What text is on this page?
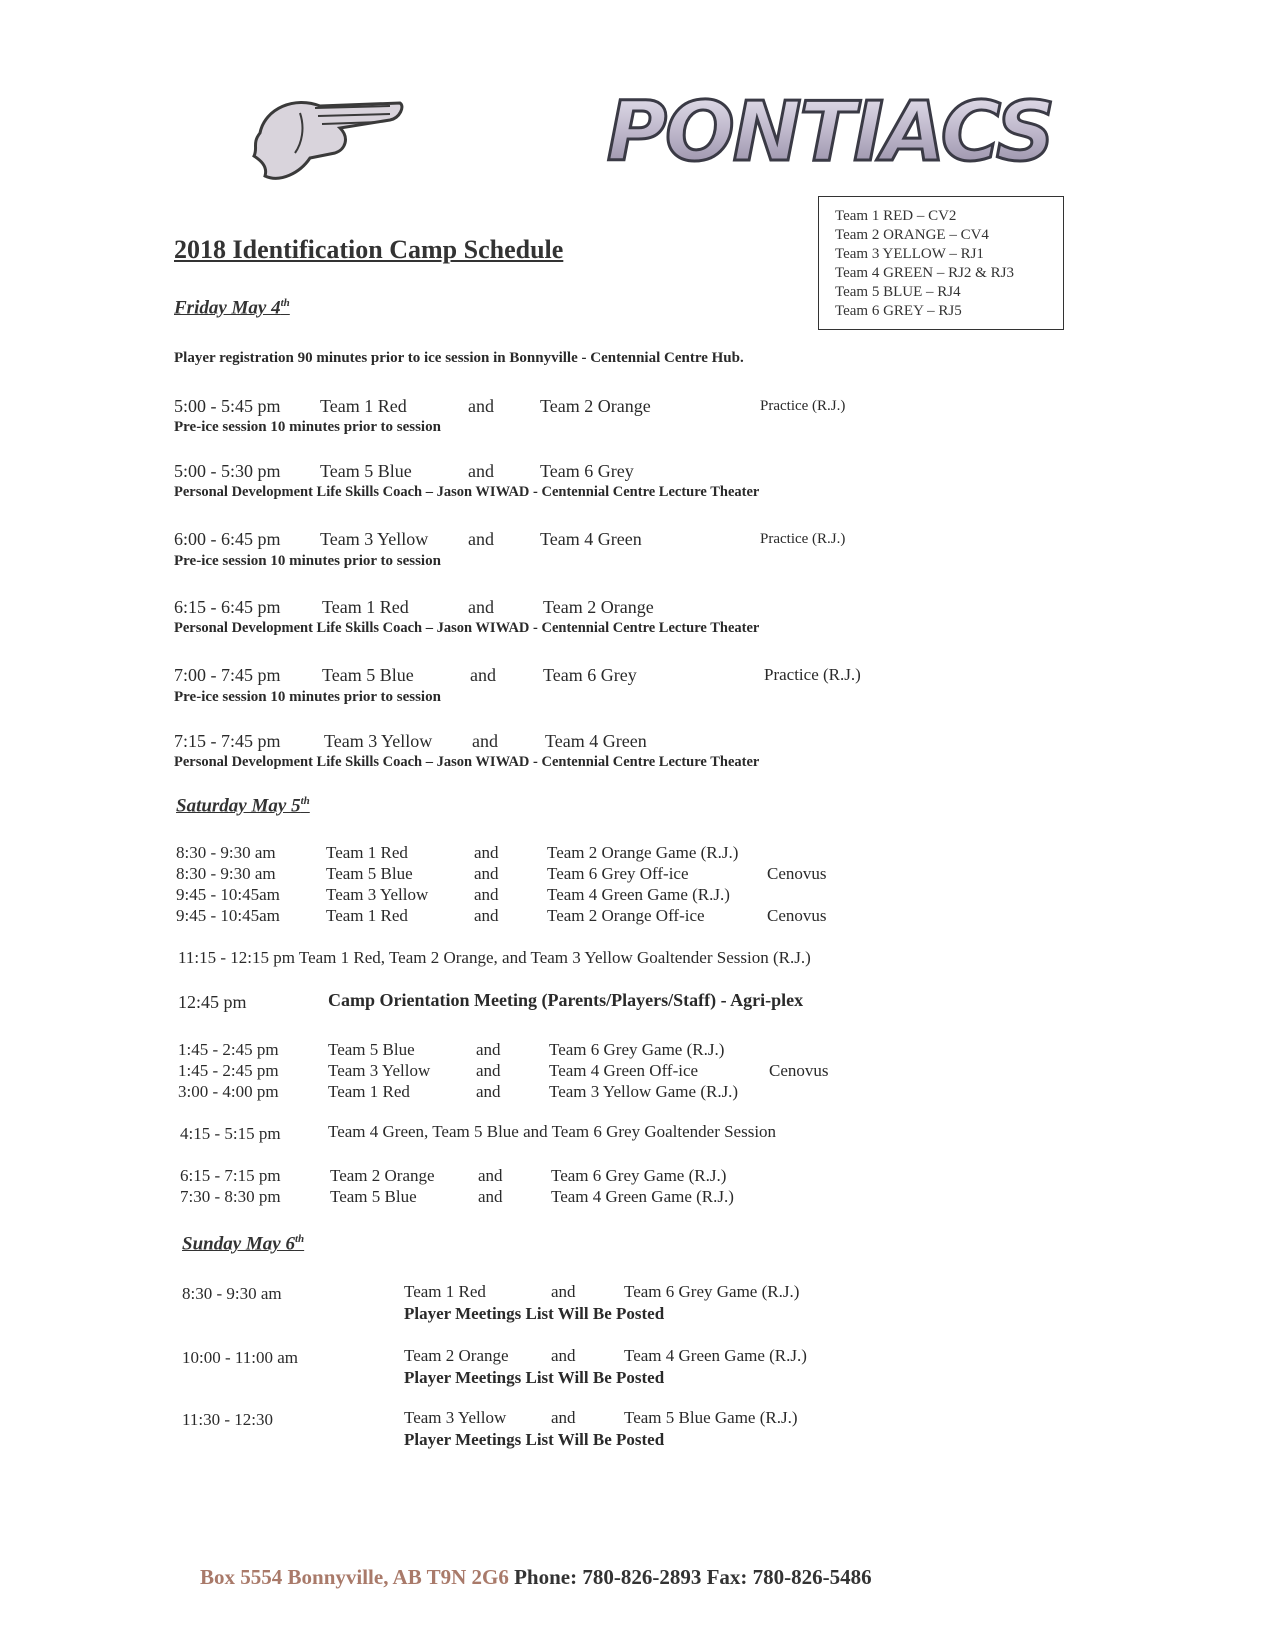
PONTIACS
Team 1 RED – CV2
Team 2 ORANGE – CV4
Team 3 YELLOW – RJ1
Team 4 GREEN – RJ2 & RJ3
Team 5 BLUE – RJ4
Team 6 GREY – RJ5
2018 Identification Camp Schedule
Friday May 4th
Player registration 90 minutes prior to ice session in Bonnyville - Centennial Centre Hub.
5:00 - 5:45 pm Team 1 Red	and	Team 2 Orange	Practice (R.J.)
Pre-ice session 10 minutes prior to session
5:00 - 5:30 pm Team 5 Blue	and	Team 6 Grey
Personal Development Life Skills Coach – Jason WIWAD - Centennial Centre Lecture Theater
6:00 - 6:45 pm Team 3 Yellow and	Team 4 Green	Practice (R.J.)
Pre-ice session 10 minutes prior to session
6:15 - 6:45 pm Team 1 Red	and	Team 2 Orange
Personal Development Life Skills Coach – Jason WIWAD - Centennial Centre Lecture Theater
7:00 - 7:45 pm Team 5 Blue	and	Team 6 Grey	Practice (R.J.)
Pre-ice session 10 minutes prior to session
7:15 - 7:45 pm Team 3 Yellow and	Team 4 Green
Personal Development Life Skills Coach – Jason WIWAD - Centennial Centre Lecture Theater
Saturday May 5th
8:30 - 9:30 am	Team 1 Red	and	Team 2 Orange Game (R.J.)
8:30 - 9:30 am	Team 5 Blue	and	Team 6 Grey Off-ice	Cenovus
9:45 - 10:45am	Team 3 Yellow	and	Team 4 Green Game (R.J.)
9:45 - 10:45am	Team 1 Red	and	Team 2 Orange Off-ice	Cenovus
11:15 - 12:15 pm Team 1 Red, Team 2 Orange, and Team 3 Yellow Goaltender Session (R.J.)
12:45 pm	Camp Orientation Meeting (Parents/Players/Staff) - Agri-plex
1:45 - 2:45 pm	Team 5 Blue	and	Team 6 Grey Game (R.J.)
1:45 - 2:45 pm	Team 3 Yellow	and	Team 4 Green Off-ice	Cenovus
3:00 - 4:00 pm	Team 1 Red	and	Team 3 Yellow Game (R.J.)
4:15 - 5:15 pm	Team 4 Green, Team 5 Blue and Team 6 Grey Goaltender Session
6:15 - 7:15 pm	Team 2 Orange	and	Team 6 Grey Game (R.J.)
7:30 - 8:30 pm	Team 5 Blue	and	Team 4 Green Game (R.J.)
Sunday May 6th
8:30 - 9:30 am	Team 1 Red	and	Team 6 Grey Game (R.J.)
Player Meetings List Will Be Posted
10:00 - 11:00 am	Team 2 Orange and	Team 4 Green Game (R.J.)
Player Meetings List Will Be Posted
11:30 - 12:30	Team 3 Yellow	and	Team 5 Blue Game (R.J.)
Player Meetings List Will Be Posted
Box 5554 Bonnyville, AB T9N 2G6 Phone: 780-826-2893 Fax: 780-826-5486
